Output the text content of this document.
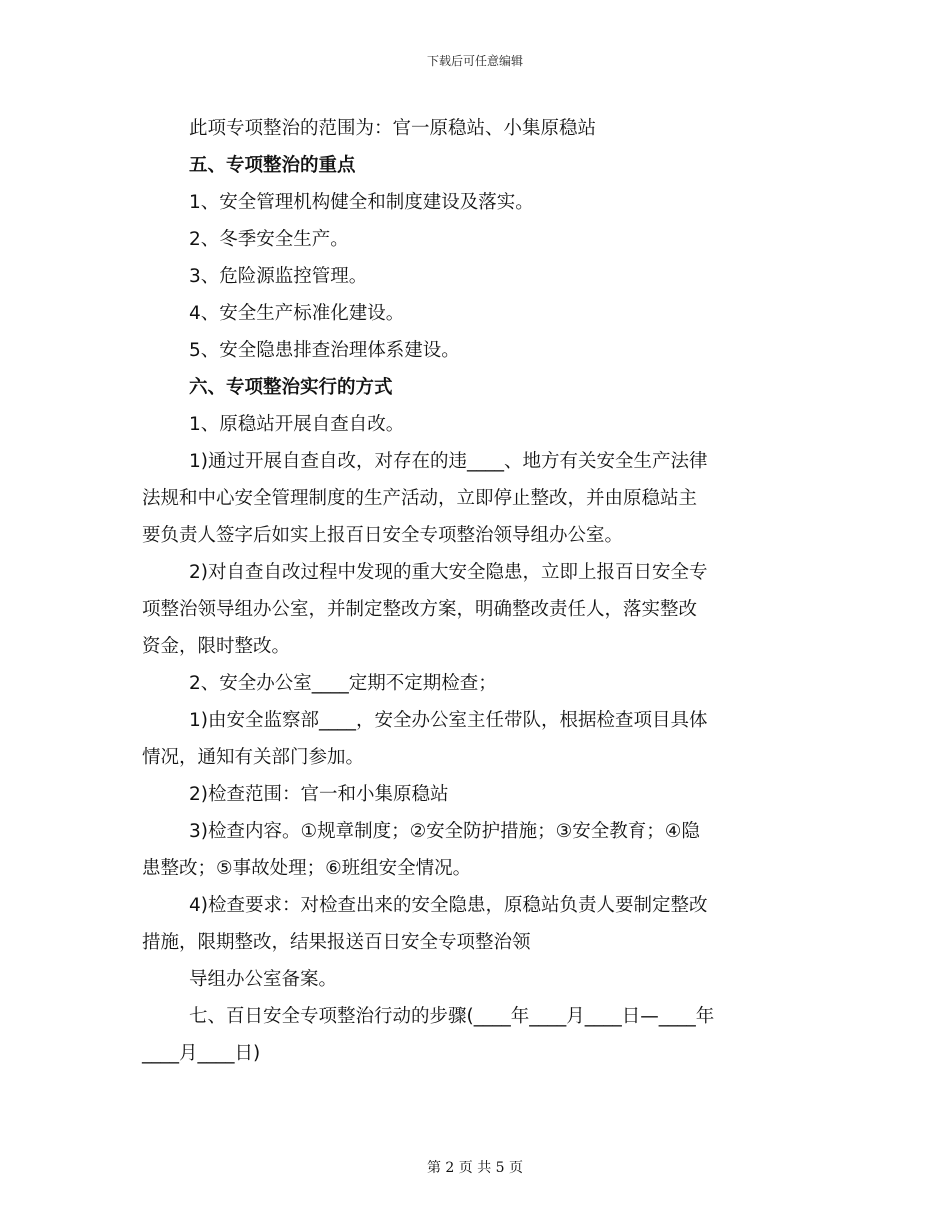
下载后可任意编辑
此项专项整治的范围为：官一原稳站、小集原稳站
五、专项整治的重点
1、安全管理机构健全和制度建设及落实。
2、冬季安全生产。
3、危险源监控管理。
4、安全生产标准化建设。
5、安全隐患排查治理体系建设。
六、专项整治实行的方式
1、原稳站开展自查自改。
1)通过开展自查自改，对存在的违____、地方有关安全生产法律
法规和中心安全管理制度的生产活动，立即停止整改，并由原稳站主
要负责人签字后如实上报百日安全专项整治领导组办公室。
2)对自查自改过程中发现的重大安全隐患，立即上报百日安全专
项整治领导组办公室，并制定整改方案，明确整改责任人，落实整改
资金，限时整改。
2、安全办公室____定期不定期检查；
1)由安全监察部____，安全办公室主任带队，根据检查项目具体
情况，通知有关部门参加。
2)检查范围：官一和小集原稳站
3)检查内容。①规章制度；②安全防护措施；③安全教育；④隐
患整改；⑤事故处理；⑥班组安全情况。
4)检查要求：对检查出来的安全隐患，原稳站负责人要制定整改
措施，限期整改，结果报送百日安全专项整治领
导组办公室备案。
七、百日安全专项整治行动的步骤(____年____月____日—____年
____月____日)
第 2 页 共 5 页
